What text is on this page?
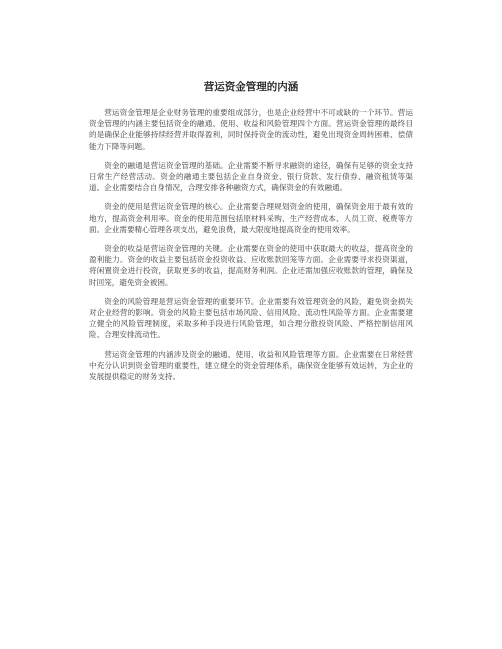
营运资金管理的内涵

营运资金管理是企业财务管理的重要组成部分，也是企业经营中不可或缺的一个环节。营运资金管理的内涵主要包括资金的融通、使用、收益和风险管理四个方面。营运资金管理的最终目的是确保企业能够持续经营并取得盈利，同时保持资金的流动性，避免出现资金周转困难、偿债能力下降等问题。

资金的融通是营运资金管理的基础。企业需要不断寻求融资的途径，确保有足够的资金支持日常生产经营活动。资金的融通主要包括企业自身资金、银行贷款、发行债券、融资租赁等渠道。企业需要结合自身情况，合理安排各种融资方式，确保资金的有效融通。

资金的使用是营运资金管理的核心。企业需要合理规划资金的使用，确保资金用于最有效的地方，提高资金利用率。资金的使用范围包括原材料采购、生产经营成本、人员工资、税费等方面。企业需要精心管理各项支出，避免浪费，最大限度地提高资金的使用效率。

资金的收益是营运资金管理的关键。企业需要在资金的使用中获取最大的收益，提高资金的盈利能力。资金的收益主要包括资金投资收益、应收账款回笼等方面。企业需要寻求投资渠道，将闲置资金进行投资，获取更多的收益，提高财务利润。企业还需加强应收账款的管理，确保及时回笼，避免资金被困。

资金的风险管理是营运资金管理的重要环节。企业需要有效管理资金的风险，避免资金损失对企业经营的影响。资金的风险主要包括市场风险、信用风险、流动性风险等方面。企业需要建立健全的风险管理制度，采取多种手段进行风险管理，如合理分散投资风险、严格控制信用风险、合理安排流动性。

营运资金管理的内涵涉及资金的融通、使用、收益和风险管理等方面。企业需要在日常经营中充分认识到资金管理的重要性，建立健全的资金管理体系，确保资金能够有效运转，为企业的发展提供稳定的财务支持。
